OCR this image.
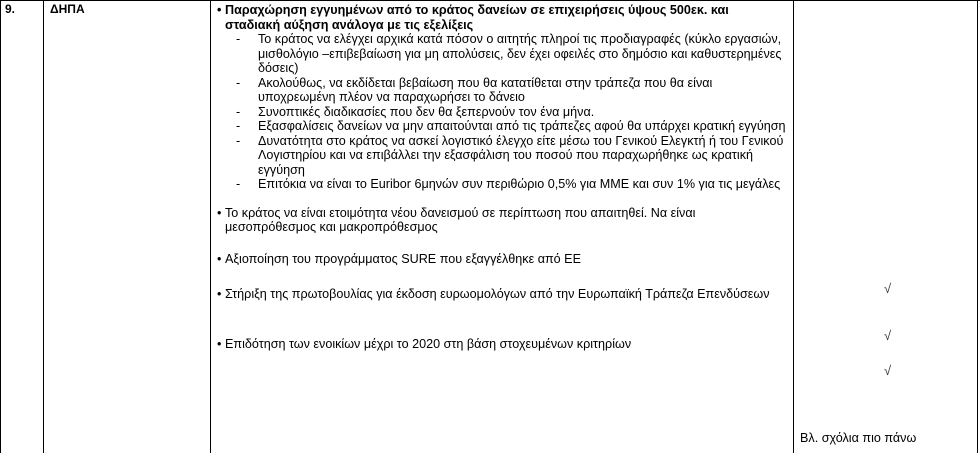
9.	ΔΗΠΑ
•	Παραχώρηση εγγυημένων από το κράτος δανείων σε επιχειρήσεις ύψους 500εκ. και σταδιακή αύξηση ανάλογα με τις εξελίξεις
- Το κράτος να ελέγχει αρχικά κατά πόσον ο αιτητής πληροί τις προδιαγραφές (κύκλο εργασιών, μισθολόγιο –επιβεβαίωση για μη απολύσεις, δεν έχει οφειλές στο δημόσιο και καθυστερημένες δόσεις)
- Ακολούθως, να εκδίδεται βεβαίωση που θα κατατίθεται στην τράπεζα που θα είναι υποχρεωμένη πλέον να παραχωρήσει το δάνειο
- Συνοπτικές διαδικασίες που δεν θα ξεπερνούν τον ένα μήνα.
- Εξασφαλίσεις δανείων να μην απαιτούνται από τις τράπεζες αφού θα υπάρχει κρατική εγγύηση
- Δυνατότητα στο κράτος να ασκεί λογιστικό έλεγχο είτε μέσω του Γενικού Ελεγκτή ή του Γενικού Λογιστηρίου και να επιβάλλει την εξασφάλιση του ποσού που παραχωρήθηκε ως κρατική εγγύηση
- Επιτόκια να είναι το Euribor 6μηνών συν περιθώριο 0,5% για ΜΜΕ και συν 1% για τις μεγάλες
• Το κράτος να είναι ετοιμότητα νέου δανεισμού σε περίπτωση που απαιτηθεί. Να είναι μεσοπρόθεσμος και μακροπρόθεσμος
• Αξιοποίηση του προγράμματος SURE που εξαγγέλθηκε από ΕΕ
• Στήριξη της πρωτοβουλίας για έκδοση ευρωομολόγων από την Ευρωπαϊκή Τράπεζα Επενδύσεων
• Επιδότηση των ενοικίων μέχρι το 2020 στη βάση στοχευμένων κριτηρίων
√
√
√
Βλ. σχόλια πιο πάνω
